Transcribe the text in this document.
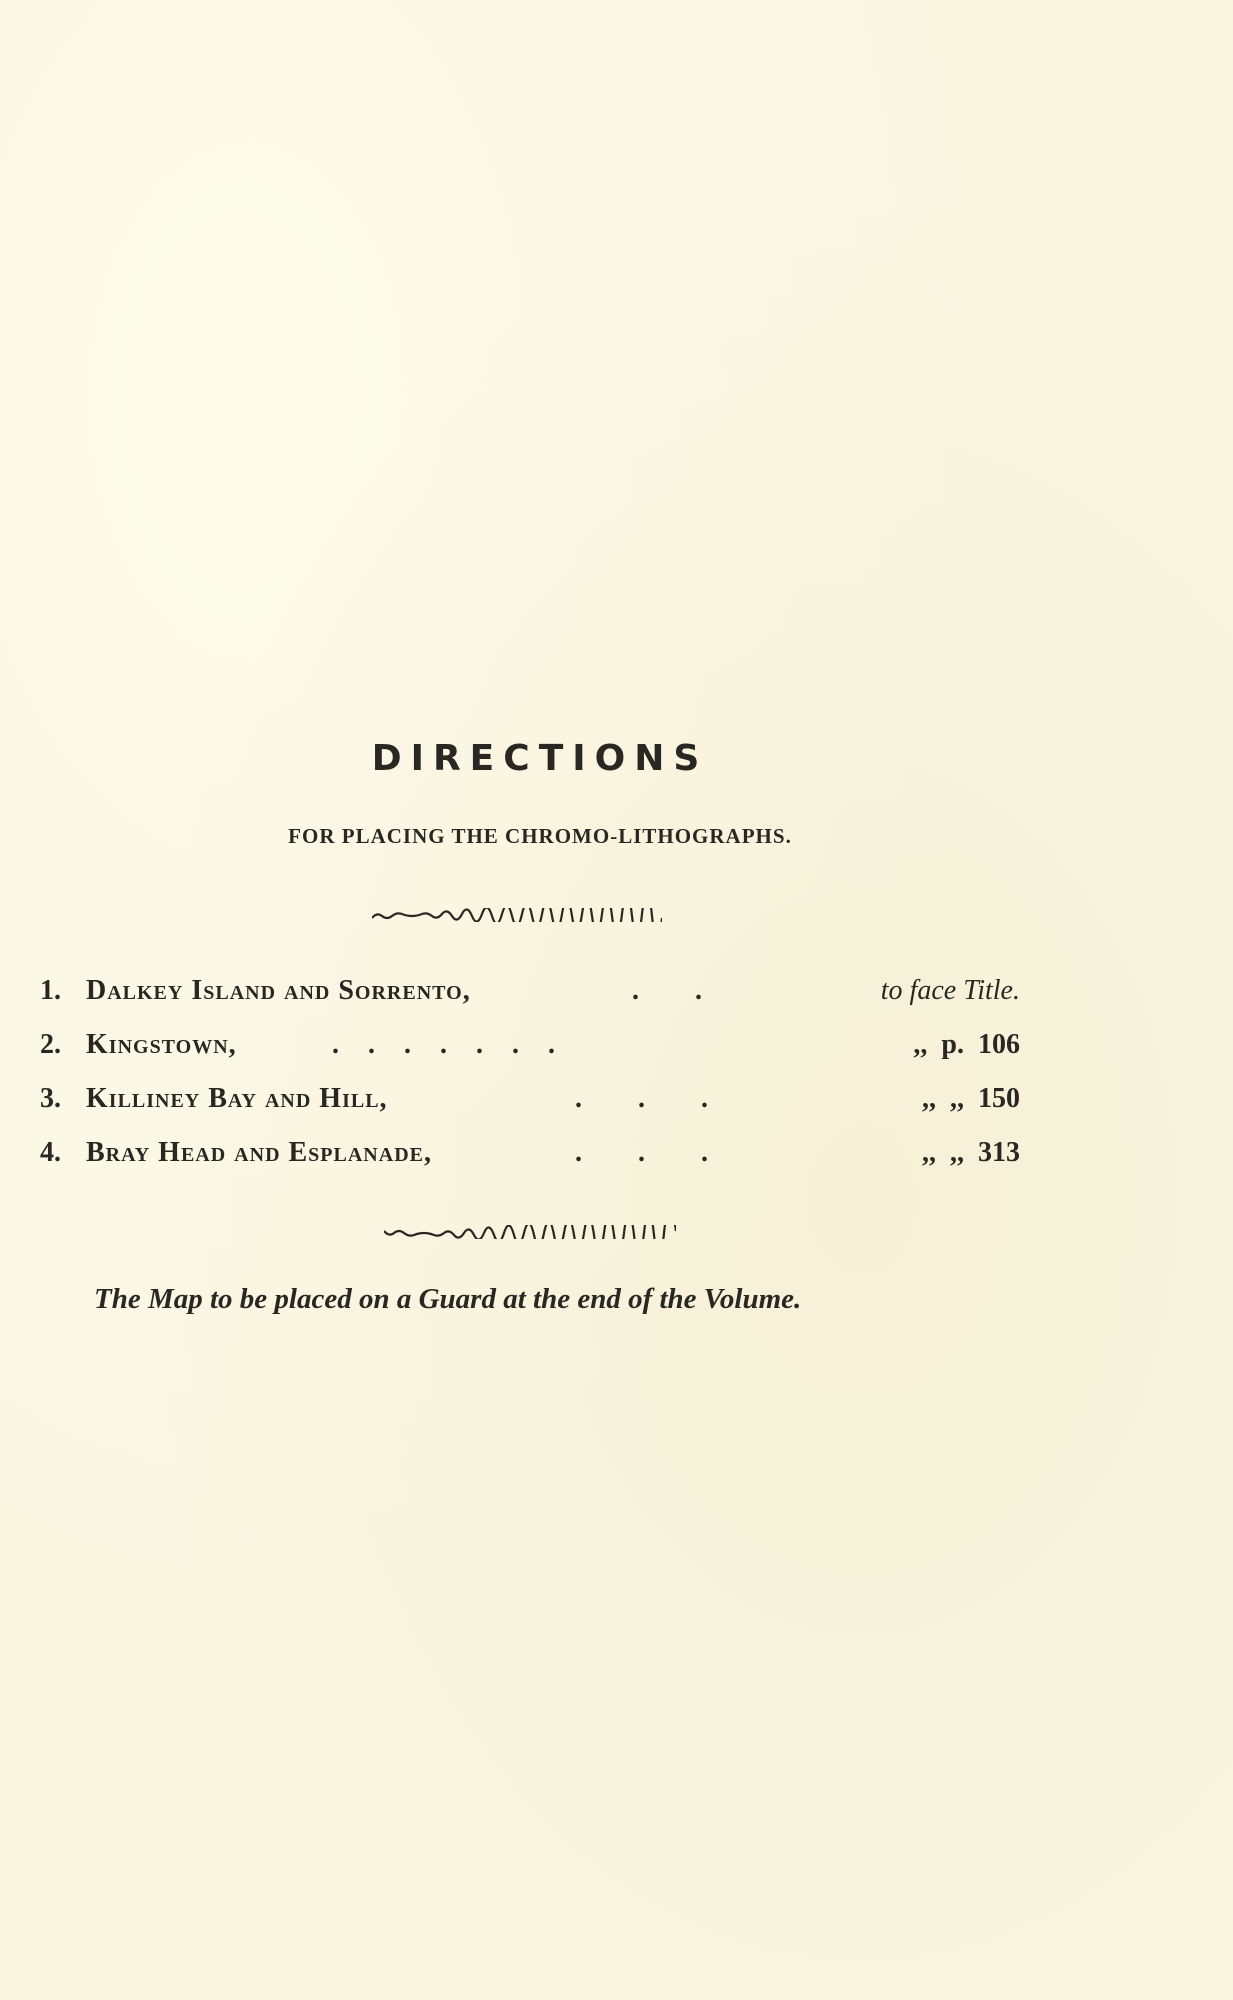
DIRECTIONS
FOR PLACING THE CHROMO-LITHOGRAPHS.
1. Dalkey Island and Sorrento,	.      .	to face Title.
2. Kingstown,	.   .   .   .   .   .   .	,,  p.  106
3. Killiney Bay and Hill,	.      .      .	,,  ,,  150
4. Bray Head and Esplanade,	.      .      .	,,  ,,  313
The Map to be placed on a Guard at the end of the Volume.
